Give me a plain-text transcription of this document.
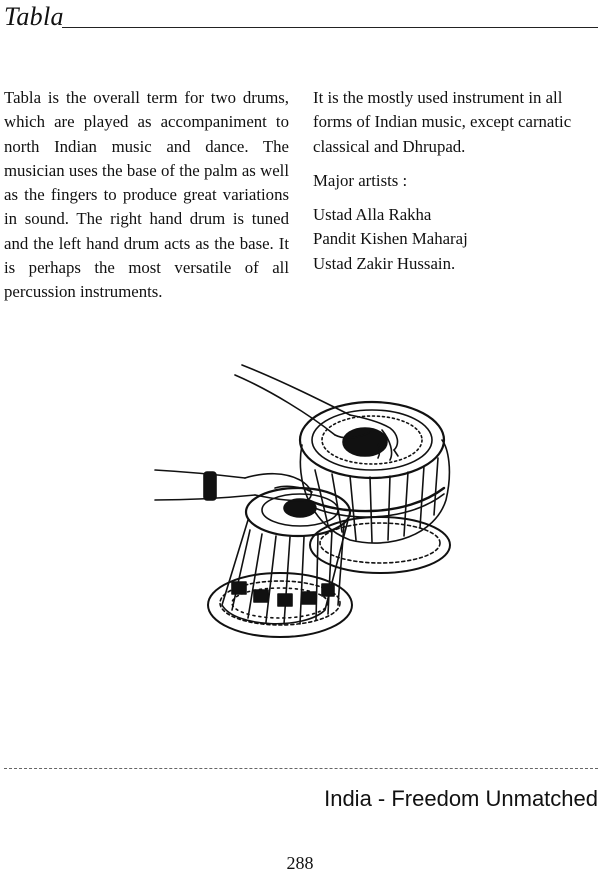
Tabla

Tabla is the overall term for two drums, which are played as accompaniment to north Indian music and dance. The musician uses the base of the palm as well as the fingers to produce great variations in sound. The right hand drum is tuned and the left hand drum acts as the base. It is perhaps the most versatile of all percussion instruments.

It is the mostly used instrument in all forms of Indian music, except carnatic classical and Dhrupad.

Major artists :

Ustad Alla Rakha

Pandit Kishen Maharaj

Ustad Zakir Hussain.

India - Freedom Unmatched
288
